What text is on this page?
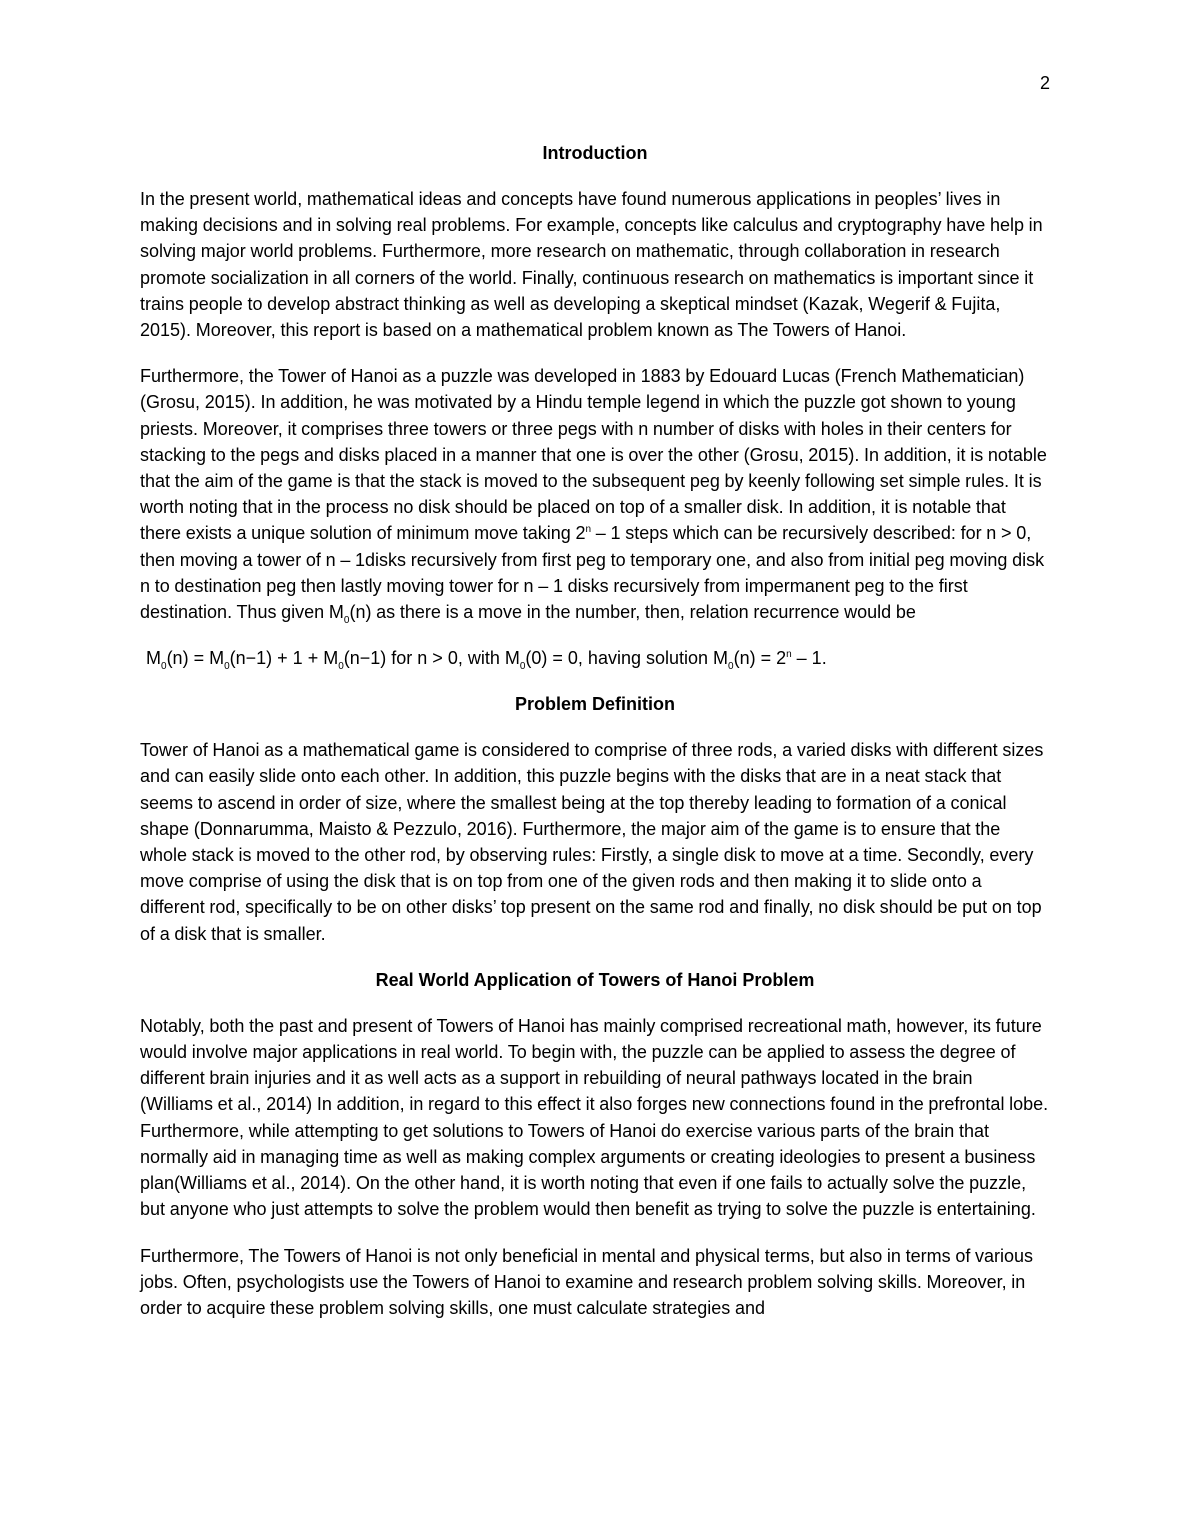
2
Introduction

In the present world, mathematical ideas and concepts have found numerous applications in peoples’ lives in making decisions and in solving real problems. For example, concepts like calculus and cryptography have help in solving major world problems. Furthermore, more research on mathematic, through collaboration in research promote socialization in all corners of the world. Finally, continuous research on mathematics is important since it trains people to develop abstract thinking as well as developing a skeptical mindset (Kazak, Wegerif & Fujita, 2015). Moreover, this report is based on a mathematical problem known as The Towers of Hanoi.

Furthermore, the Tower of Hanoi as a puzzle was developed in 1883 by Edouard Lucas (French Mathematician) (Grosu, 2015). In addition, he was motivated by a Hindu temple legend in which the puzzle got shown to young priests. Moreover, it comprises three towers or three pegs with n number of disks with holes in their centers for stacking to the pegs and disks placed in a manner that one is over the other (Grosu, 2015). In addition, it is notable that the aim of the game is that the stack is moved to the subsequent peg by keenly following set simple rules. It is worth noting that in the process no disk should be placed on top of a smaller disk. In addition, it is notable that there exists a unique solution of minimum move taking 2$^n$ – 1 steps which can be recursively described: for n > 0, then moving a tower of n – 1disks recursively from first peg to temporary one, and also from initial peg moving disk n to destination peg then lastly moving tower for n – 1 disks recursively from impermanent peg to the first destination. Thus given $M_0(n)$ as there is a move in the number, then, relation recurrence would be

$M_0(n) = M_0(n-1) + 1 + M_0(n-1)$ for n > 0, with $M_0(0) = 0$, having solution $M_0(n) = 2^n - 1$.
Problem Definition

Tower of Hanoi as a mathematical game is considered to comprise of three rods, a varied disks with different sizes and can easily slide onto each other. In addition, this puzzle begins with the disks that are in a neat stack that seems to ascend in order of size, where the smallest being at the top thereby leading to formation of a conical shape (Donnarumma, Maisto & Pezzulo, 2016). Furthermore, the major aim of the game is to ensure that the whole stack is moved to the other rod, by observing rules: Firstly, a single disk to move at a time. Secondly, every move comprise of using the disk that is on top from one of the given rods and then making it to slide onto a different rod, specifically to be on other disks’ top present on the same rod and finally, no disk should be put on top of a disk that is smaller.

Real World Application of Towers of Hanoi Problem

Notably, both the past and present of Towers of Hanoi has mainly comprised recreational math, however, its future would involve major applications in real world. To begin with, the puzzle can be applied to assess the degree of different brain injuries and it as well acts as a support in rebuilding of neural pathways located in the brain (Williams et al., 2014) In addition, in regard to this effect it also forges new connections found in the prefrontal lobe. Furthermore, while attempting to get solutions to Towers of Hanoi do exercise various parts of the brain that normally aid in managing time as well as making complex arguments or creating ideologies to present a business plan(Williams et al., 2014). On the other hand, it is worth noting that even if one fails to actually solve the puzzle, but anyone who just attempts to solve the problem would then benefit as trying to solve the puzzle is entertaining.

Furthermore, The Towers of Hanoi is not only beneficial in mental and physical terms, but also in terms of various jobs. Often, psychologists use the Towers of Hanoi to examine and research problem solving skills. Moreover, in order to acquire these problem solving skills, one must calculate strategies and
